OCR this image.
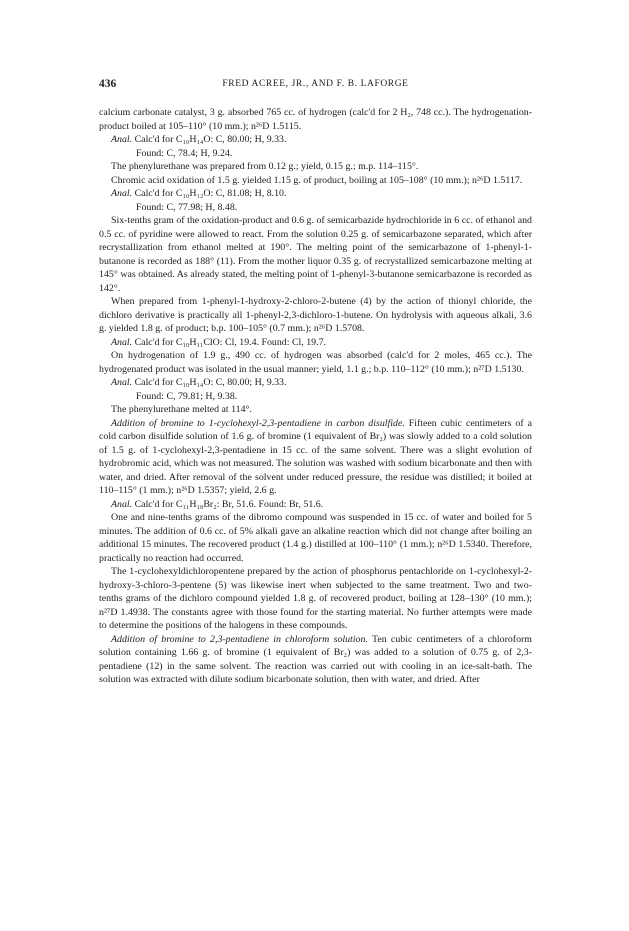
436	FRED ACREE, JR., AND F. B. LAFORGE

calcium carbonate catalyst, 3 g. absorbed 765 cc. of hydrogen (calc'd for 2 H₂, 748 cc.). The hydrogenation-product boiled at 105–110° (10 mm.); n²⁶D 1.5115.

Anal. Calc'd for C₁₀H₁₄O: C, 80.00; H, 9.33.

Found: C, 78.4; H, 9.24.

The phenylurethane was prepared from 0.12 g.; yield, 0.15 g.; m.p. 114–115°.

Chromic acid oxidation of 1.5 g. yielded 1.15 g. of product, boiling at 105–108° (10 mm.); n²⁶D 1.5117.

Anal. Calc'd for C₁₀H₁₂O: C, 81.08; H, 8.10.

Found: C, 77.98; H, 8.48.

Six-tenths gram of the oxidation-product and 0.6 g. of semicarbazide hydrochloride in 6 cc. of ethanol and 0.5 cc. of pyridine were allowed to react. From the solution 0.25 g. of semicarbazone separated, which after recrystallization from ethanol melted at 190°. The melting point of the semicarbazone of 1-phenyl-1-butanone is recorded as 188° (11). From the mother liquor 0.35 g. of recrystallized semicarbazone melting at 145° was obtained. As already stated, the melting point of 1-phenyl-3-butanone semicarbazone is recorded as 142°.

When prepared from 1-phenyl-1-hydroxy-2-chloro-2-butene (4) by the action of thionyl chloride, the dichloro derivative is practically all 1-phenyl-2,3-dichloro-1-butene. On hydrolysis with aqueous alkali, 3.6 g. yielded 1.8 g. of product; b.p. 100–105° (0.7 mm.); n²⁶D 1.5708.

Anal. Calc'd for C₁₀H₁₁ClO: Cl, 19.4. Found: Cl, 19.7.

On hydrogenation of 1.9 g., 490 cc. of hydrogen was absorbed (calc'd for 2 moles, 465 cc.). The hydrogenated product was isolated in the usual manner; yield, 1.1 g.; b.p. 110–112° (10 mm.); n²⁷D 1.5130.

Anal. Calc'd for C₁₀H₁₄O: C, 80.00; H, 9.33.

Found: C, 79.81; H, 9.38.

The phenylurethane melted at 114°.

Addition of bromine to 1-cyclohexyl-2,3-pentadiene in carbon disulfide. Fifteen cubic centimeters of a cold carbon disulfide solution of 1.6 g. of bromine (1 equivalent of Br₂) was slowly added to a cold solution of 1.5 g. of 1-cyclohexyl-2,3-pentadiene in 15 cc. of the same solvent. There was a slight evolution of hydrobromic acid, which was not measured. The solution was washed with sodium bicarbonate and then with water, and dried. After removal of the solvent under reduced pressure, the residue was distilled; it boiled at 110–115° (1 mm.); n²⁶D 1.5357; yield, 2.6 g.

Anal. Calc'd for C₁₁H₁₈Br₂: Br, 51.6. Found: Br, 51.6.

One and nine-tenths grams of the dibromo compound was suspended in 15 cc. of water and boiled for 5 minutes. The addition of 0.6 cc. of 5% alkali gave an alkaline reaction which did not change after boiling an additional 15 minutes. The recovered product (1.4 g.) distilled at 100–110° (1 mm.); n²⁶D 1.5340. Therefore, practically no reaction had occurred.

The 1-cyclohexyldichloropentene prepared by the action of phosphorus pentachloride on 1-cyclohexyl-2-hydroxy-3-chloro-3-pentene (5) was likewise inert when subjected to the same treatment. Two and two-tenths grams of the dichloro compound yielded 1.8 g. of recovered product, boiling at 128–130° (10 mm.); n²⁷D 1.4938. The constants agree with those found for the starting material. No further attempts were made to determine the positions of the halogens in these compounds.

Addition of bromine to 2,3-pentadiene in chloroform solution. Ten cubic centimeters of a chloroform solution containing 1.66 g. of bromine (1 equivalent of Br₂) was added to a solution of 0.75 g. of 2,3-pentadiene (12) in the same solvent. The reaction was carried out with cooling in an ice-salt-bath. The solution was extracted with dilute sodium bicarbonate solution, then with water, and dried. After
